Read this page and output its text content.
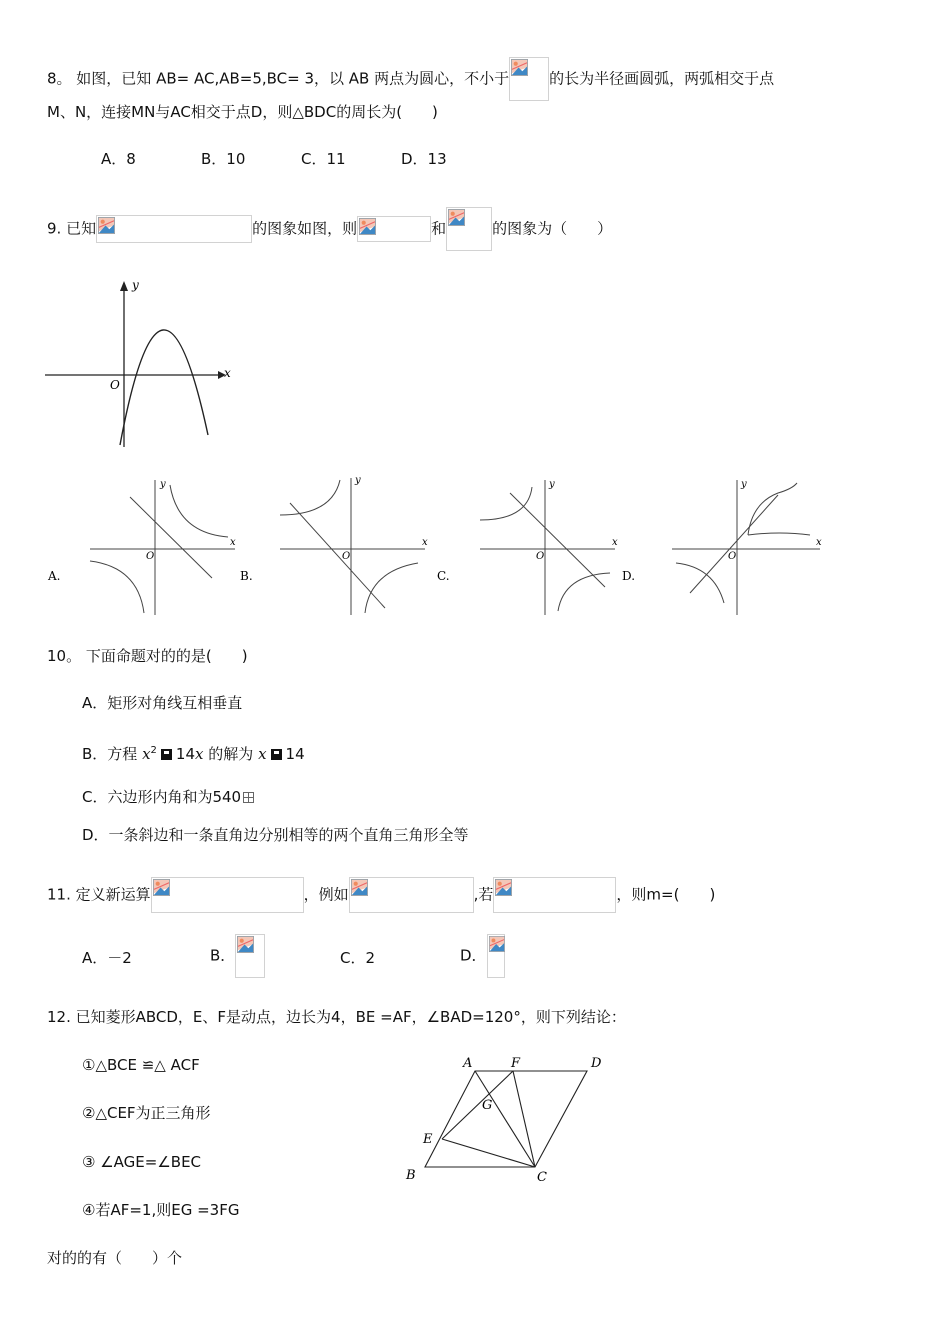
8。 如图，已知 AB= AC,AB=5,BC= 3，以 AB 两点为圆心，不小于	的长为半径画圆弧，两弧相交于点
M、N，连接MN与AC相交于点D，则△BDC的周长为(　　)
A．8	B．10	C．11	D．13
9. 已知	的图象如图，则	和	的图象为（　　）
y
x
O
x
y
O
A.
x
y
O
B.
x
y
O
C.
x
y
O
D.
10。 下面命题对的的是(　　)
A．矩形对角线互相垂直
B．方程 $x^2$ 14x 的解为 x 14
C．六边形内角和为540
D．一条斜边和一条直角边分别相等的两个直角三角形全等
11. 定义新运算	，例如	,若	，则m=(　　)
A．－2	B．	C．2	D．
12. 已知菱形ABCD，E、F是动点，边长为4，BE =AF，∠BAD=120°，则下列结论：
①△BCE ≌△ ACF
②△CEF为正三角形
③ ∠AGE=∠BEC
④若AF=1,则EG =3FG
对的的有（　　）个
A	F	D
G
E
B	C
